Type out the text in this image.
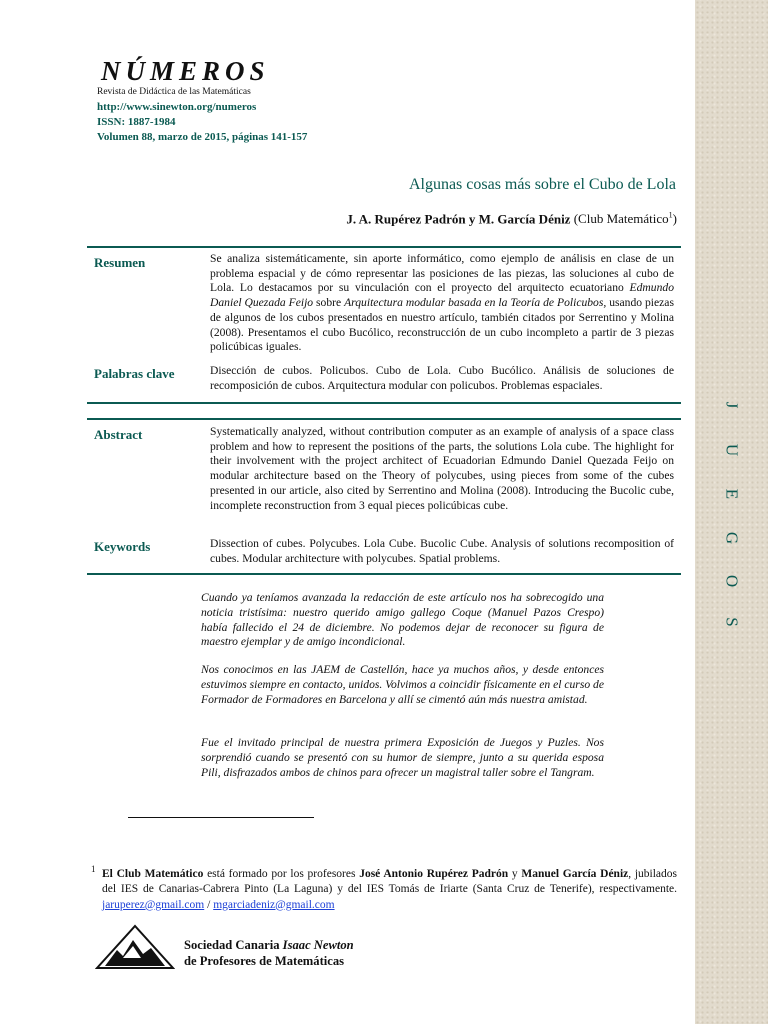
J
U
E
G
O
S
NÚMEROS
Revista de Didáctica de las Matemáticas
http://www.sinewton.org/numeros
ISSN: 1887-1984
Volumen 88, marzo de 2015, páginas 141-157
Algunas cosas más sobre el Cubo de Lola
J. A. Rupérez Padrón y M. García Déniz (Club Matemático$^1$)
Resumen	Se analiza sistemáticamente, sin aporte informático, como ejemplo de análisis en clase de un problema espacial y de cómo representar las posiciones de las piezas, las soluciones al cubo de Lola. Lo destacamos por su vinculación con el proyecto del arquitecto ecuatoriano Edmundo Daniel Quezada Feijo sobre Arquitectura modular basada en la Teoría de Policubos, usando piezas de algunos de los cubos presentados en nuestro artículo, también citados por Serrentino y Molina (2008). Presentamos el cubo Bucólico, reconstrucción de un cubo incompleto a partir de 3 piezas policúbicas iguales.
Palabras clave	Disección de cubos. Policubos. Cubo de Lola. Cubo Bucólico. Análisis de soluciones de recomposición de cubos. Arquitectura modular con policubos. Problemas espaciales.
Abstract	Systematically analyzed, without contribution computer as an example of analysis of a space class problem and how to represent the positions of the parts, the solutions Lola cube. The highlight for their involvement with the project architect of Ecuadorian Edmundo Daniel Quezada Feijo on modular architecture based on the Theory of polycubes, using pieces from some of the cubes presented in our article, also cited by Serrentino and Molina (2008). Introducing the Bucolic cube, incomplete reconstruction from 3 equal pieces policúbicas cube.
Keywords	Dissection of cubes. Polycubes. Lola Cube. Bucolic Cube. Analysis of solutions recomposition of cubes. Modular architecture with polycubes. Spatial problems.
Cuando ya teníamos avanzada la redacción de este artículo nos ha sobrecogido una noticia tristísima: nuestro querido amigo gallego Coque (Manuel Pazos Crespo) había fallecido el 24 de diciembre. No podemos dejar de reconocer su figura de maestro ejemplar y de amigo incondicional.
Nos conocimos en las JAEM de Castellón, hace ya muchos años, y desde entonces estuvimos siempre en contacto, unidos. Volvimos a coincidir físicamente en el curso de Formador de Formadores en Barcelona y allí se cimentó aún más nuestra amistad.
Fue el invitado principal de nuestra primera Exposición de Juegos y Puzles. Nos sorprendió cuando se presentó con su humor de siempre, junto a su querida esposa Pili, disfrazados ambos de chinos para ofrecer un magistral taller sobre el Tangram.
1 El Club Matemático está formado por los profesores José Antonio Rupérez Padrón y Manuel García Déniz, jubilados del IES de Canarias-Cabrera Pinto (La Laguna) y del IES Tomás de Iriarte (Santa Cruz de Tenerife), respectivamente. jaruperez@gmail.com / mgarciadeniz@gmail.com
Sociedad Canaria Isaac Newton
de Profesores de Matemáticas
